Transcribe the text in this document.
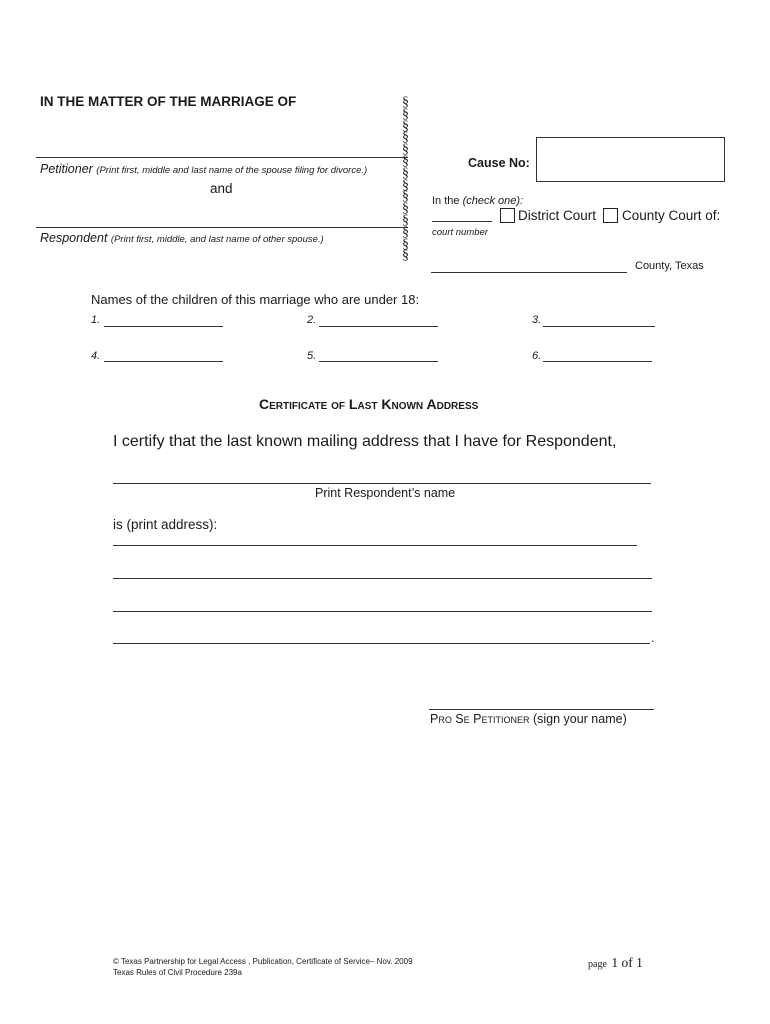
IN THE MATTER OF THE MARRIAGE OF
Petitioner (Print first, middle and last name of the spouse filing for divorce.)
and
Respondent (Print first, middle, and last name of other spouse.)
§
§
§
§
§
§
§
§
§
§
§
§
§
§
Cause No:
In the (check one):
District Court County Court of:
court number
County, Texas
Names of the children of this marriage who are under 18:
1.	2.	3.
4.	5.	6.
Certificate of Last Known Address
I certify that the last known mailing address that I have for Respondent,
Print Respondent’s name
is (print address):
.
Pro Se Petitioner (sign your name)
© Texas Partnership for Legal Access , Publication, Certificate of Service– Nov. 2009
Texas Rules of Civil Procedure 239a
page 1 of 1
